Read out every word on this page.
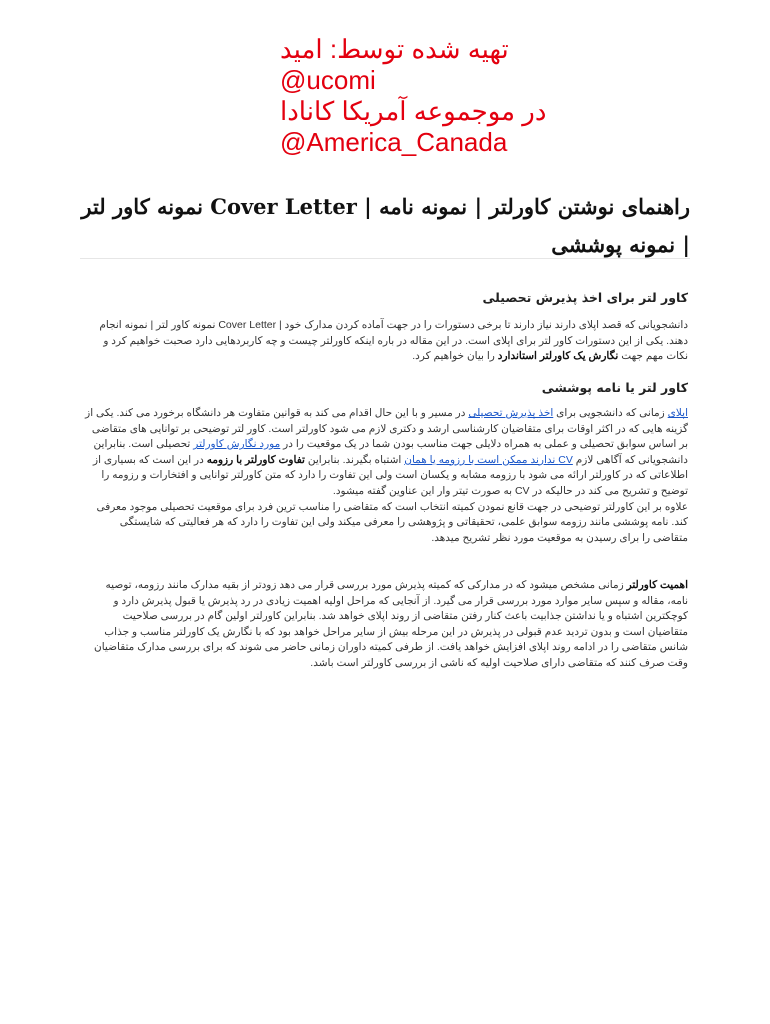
تهیه شده توسط: امید
@ucomi
در موجموعه آمریکا کانادا
@America_Canada
راهنمای نوشتن کاورلتر | نمونه نامه | Cover Letter نمونه کاور لتر | نمونه پوششی
کاور لتر برای اخذ پذیرش تحصیلی

دانشجویانی که قصد اپلای دارند نیاز دارند تا برخی دستورات را در جهت آماده کردن مدارک خود | Cover Letter نمونه کاور لتر | نمونه انجام دهند. یکی از این دستورات کاور لتر برای اپلای است. در این مقاله در باره اینکه کاورلتر چیست و چه کاربردهایی دارد صحبت خواهیم کرد و نکات مهم جهت نگارش یک کاورلتر استاندارد را بیان خواهیم کرد.

کاور لتر یا نامه پوششی

اپلای زمانی که دانشجویی برای اخذ پذیرش تحصیلی در مسیر و با این حال اقدام می کند به قوانین متفاوت هر دانشگاه برخورد می کند. یکی از گزینه هایی که در اکثر اوقات برای متقاضیان کارشناسی ارشد و دکتری لازم می شود کاورلتر است. کاور لتر توضیحی بر توانایی های متقاضی بر اساس سوابق تحصیلی و عملی به همراه دلایلی جهت مناسب بودن شما در یک موقعیت را در مورد نگارش کاورلتر تحصیلی است. بنابراین دانشجویانی که آگاهی لازم CV ندارند ممکن است با رزومه یا همان اشتباه بگیرند. بنابراین تفاوت کاورلتر با رزومه در این است که بسیاری از اطلاعاتی که در کاورلتر ارائه می شود با رزومه مشابه و یکسان است ولی این تفاوت را دارد که متن کاورلتر توانایی و افتخارات و رزومه را توضیح و تشریح می کند در حالیکه در CV به صورت تیتر وار این عناوین گفته میشود.

علاوه بر این کاورلتر توضیحی در جهت قانع نمودن کمیته انتخاب است که متقاضی را مناسب ترین فرد برای موقعیت تحصیلی موجود معرفی کند. نامه پوششی مانند رزومه سوابق علمی، تحقیقاتی و پژوهشی را معرفی میکند ولی این تفاوت را دارد که هر فعالیتی که شایستگی متقاضی را برای رسیدن به موقعیت مورد نظر تشریح میدهد.

اهمیت کاورلتر زمانی مشخص میشود که در مدارکی که کمیته پذیرش مورد بررسی قرار می دهد زودتر از بقیه مدارک مانند رزومه، توصیه نامه، مقاله و سپس سایر موارد مورد بررسی قرار می گیرد. از آنجایی که مراحل اولیه اهمیت زیادی در رد پذیرش یا قبول پذیرش دارد و کوچکترین اشتباه و یا نداشتن جذابیت باعث کنار رفتن متقاضی از روند اپلای خواهد شد. بنابراین کاورلتر اولین گام در بررسی صلاحیت متقاضیان است و بدون تردید عدم قبولی در پذیرش در این مرحله بیش از سایر مراحل خواهد بود که با نگارش یک کاورلتر مناسب و جذاب شانس متقاضی را در ادامه روند اپلای افزایش خواهد یافت. از طرفی کمیته داوران زمانی حاضر می شوند که برای بررسی مدارک متقاضیان وقت صرف کنند که متقاضی دارای صلاحیت اولیه که ناشی از بررسی کاورلتر است باشد.
